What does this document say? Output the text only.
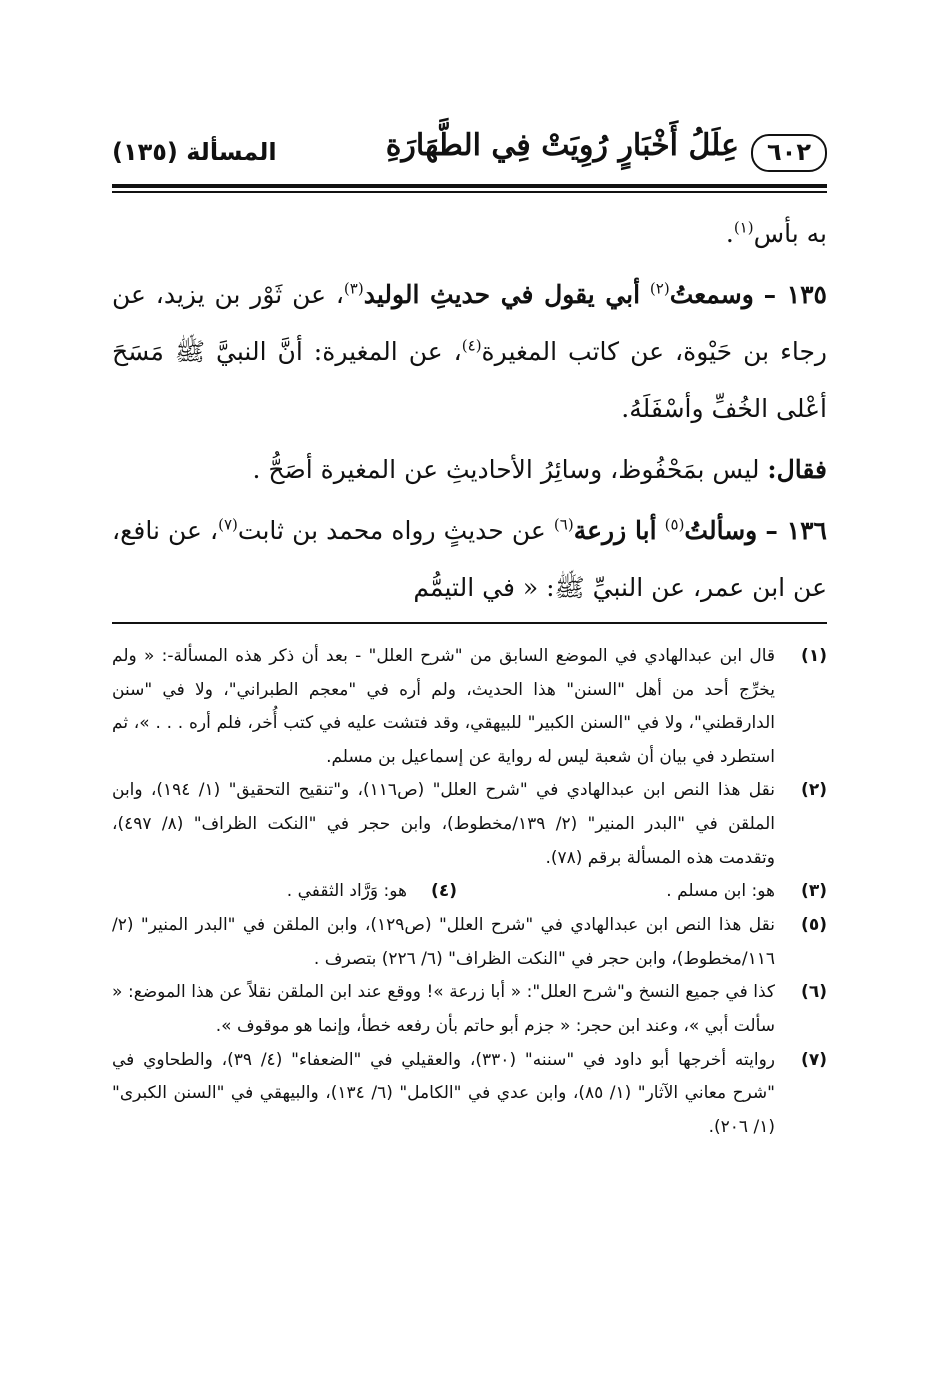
٦٠٢
عِلَلُ أَخْبَارٍ رُوِيَتْ فِي الطَّهَارَةِ
المسألة (١٣٥)

به بأس$^{(١)}$.

١٣٥ – وسمعتُ$^{(٢)}$ أبي يقول في حديثِ الوليد$^{(٣)}$، عن ثَوْر بن يزيد، عن رجاء بن حَيْوة، عن كاتب المغيرة$^{(٤)}$، عن المغيرة: أنَّ النبيَّ ﷺ مَسَحَ أعْلى الخُفِّ وأسْفَلَهُ.

فقال: ليس بمَحْفُوظ، وسائِرُ الأحاديثِ عن المغيرة أصَحُّ .

١٣٦ – وسألتُ$^{(٥)}$ أبا زرعة$^{(٦)}$ عن حديثٍ رواه محمد بن ثابت$^{(٧)}$، عن نافع، عن ابن عمر، عن النبيِّ ﷺ: « في التيمُّم

(١)
قال ابن عبدالهادي في الموضع السابق من "شرح العلل" - بعد أن ذكر هذه المسألة-: « ولم يخرِّج أحد من أهل "السنن" هذا الحديث، ولم أره في "معجم الطبراني"، ولا في "سنن الدارقطني"، ولا في "السنن الكبير" للبيهقي، وقد فتشت عليه في كتب أُخر، فلم أره . . . »، ثم استطرد في بيان أن شعبة ليس له رواية عن إسماعيل بن مسلم.
(٢)
نقل هذا النص ابن عبدالهادي في "شرح العلل" (ص١١٦)، و"تنقيح التحقيق" (١/ ١٩٤)، وابن الملقن في "البدر المنير" (٢/ ١٣٩/مخطوط)، وابن حجر في "النكت الظراف" (٨/ ٤٩٧)، وتقدمت هذه المسألة برقم (٧٨).
(٣)
هو: ابن مسلم .
(٤)
هو: وَرَّاد الثقفي .
(٥)
نقل هذا النص ابن عبدالهادي في "شرح العلل" (ص١٢٩)، وابن الملقن في "البدر المنير" (٢/ ١١٦/مخطوط)، وابن حجر في "النكت الظراف" (٦/ ٢٢٦) بتصرف .
(٦)
كذا في جميع النسخ و"شرح العلل": « أبا زرعة »! ووقع عند ابن الملقن نقلاً عن هذا الموضع: « سألت أبي »، وعند ابن حجر: « جزم أبو حاتم بأن رفعه خطأ، وإنما هو موقوف ».
(٧)
روايته أخرجها أبو داود في "سننه" (٣٣٠)، والعقيلي في "الضعفاء" (٤/ ٣٩)، والطحاوي في "شرح معاني الآثار" (١/ ٨٥)، وابن عدي في "الكامل" (٦/ ١٣٤)، والبيهقي في "السنن الكبرى" (١/ ٢٠٦).
